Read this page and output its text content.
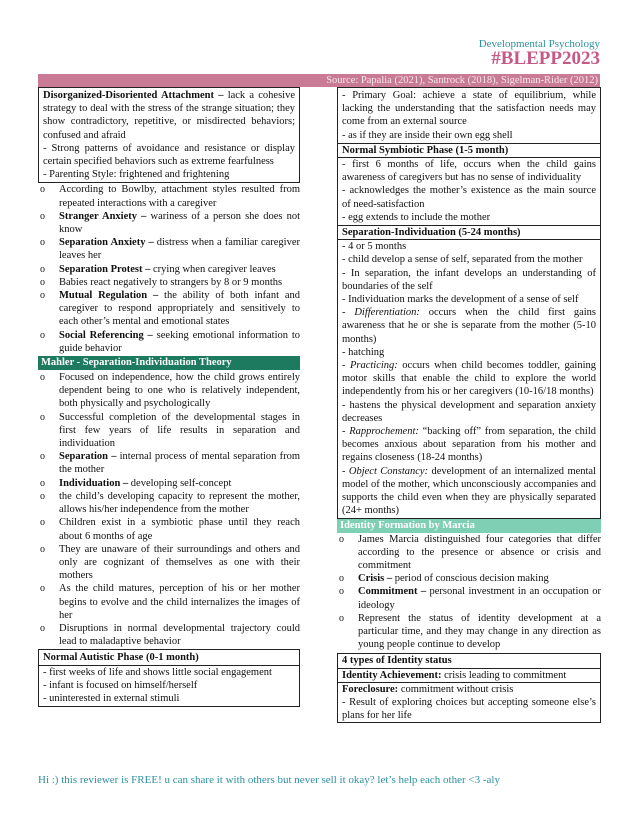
Developmental Psychology
#BLEPP2023
Source: Papalia (2021), Santrock (2018), Sigelman-Rider (2012)

Disorganized-Disoriented Attachment – lack a cohesive strategy to deal with the stress of the strange situation; they show contradictory, repetitive, or misdirected behaviors; confused and afraid

- Strong patterns of avoidance and resistance or display certain specified behaviors such as extreme fearfulness

- Parenting Style: frightened and frightening

o According to Bowlby, attachment styles resulted from repeated interactions with a caregiver
o Stranger Anxiety – wariness of a person she does not know
o Separation Anxiety – distress when a familiar caregiver leaves her
o Separation Protest – crying when caregiver leaves
o Babies react negatively to strangers by 8 or 9 months
o Mutual Regulation – the ability of both infant and caregiver to respond appropriately and sensitively to each other’s mental and emotional states
o Social Referencing – seeking emotional information to guide behavior
Mahler - Separation-Individuation Theory
o Focused on independence, how the child grows entirely dependent being to one who is relatively independent, both physically and psychologically
o Successful completion of the developmental stages in first few years of life results in separation and individuation
o Separation – internal process of mental separation from the mother
o Individuation – developing self-concept
o the child’s developing capacity to represent the mother, allows his/her independence from the mother
o Children exist in a symbiotic phase until they reach about 6 months of age
o They are unaware of their surroundings and others and only are cognizant of themselves as one with their mothers
o As the child matures, perception of his or her mother begins to evolve and the child internalizes the images of her
o Disruptions in normal developmental trajectory could lead to maladaptive behavior
Normal Autistic Phase (0-1 month)

- first weeks of life and shows little social engagement

- infant is focused on himself/herself

- uninterested in external stimuli

- Primary Goal: achieve a state of equilibrium, while lacking the understanding that the satisfaction needs may come from an external source

- as if they are inside their own egg shell

Normal Symbiotic Phase (1-5 month)

- first 6 months of life, occurs when the child gains awareness of caregivers but has no sense of individuality

- acknowledges the mother’s existence as the main source of need-satisfaction

- egg extends to include the mother

Separation-Individuation (5-24 months)

- 4 or 5 months

- child develop a sense of self, separated from the mother

- In separation, the infant develops an understanding of boundaries of the self

- Individuation marks the development of a sense of self

- Differentiation: occurs when the child first gains awareness that he or she is separate from the mother (5-10 months)

- hatching

- Practicing: occurs when child becomes toddler, gaining motor skills that enable the child to explore the world independently from his or her caregivers (10-16/18 months)

- hastens the physical development and separation anxiety decreases

- Rapprochement: “backing off” from separation, the child becomes anxious about separation from his mother and regains closeness (18-24 months)

- Object Constancy: development of an internalized mental model of the mother, which unconsciously accompanies and supports the child even when they are physically separated (24+ months)

Identity Formation by Marcia
o James Marcia distinguished four categories that differ according to the presence or absence or crisis and commitment
o Crisis – period of conscious decision making
o Commitment – personal investment in an occupation or ideology
o Represent the status of identity development at a particular time, and they may change in any direction as young people continue to develop
4 types of Identity status
Identity Achievement: crisis leading to commitment

Foreclosure: commitment without crisis

- Result of exploring choices but accepting someone else’s plans for her life

Hi :) this reviewer is FREE! u can share it with others but never sell it okay? let’s help each other <3 -aly
